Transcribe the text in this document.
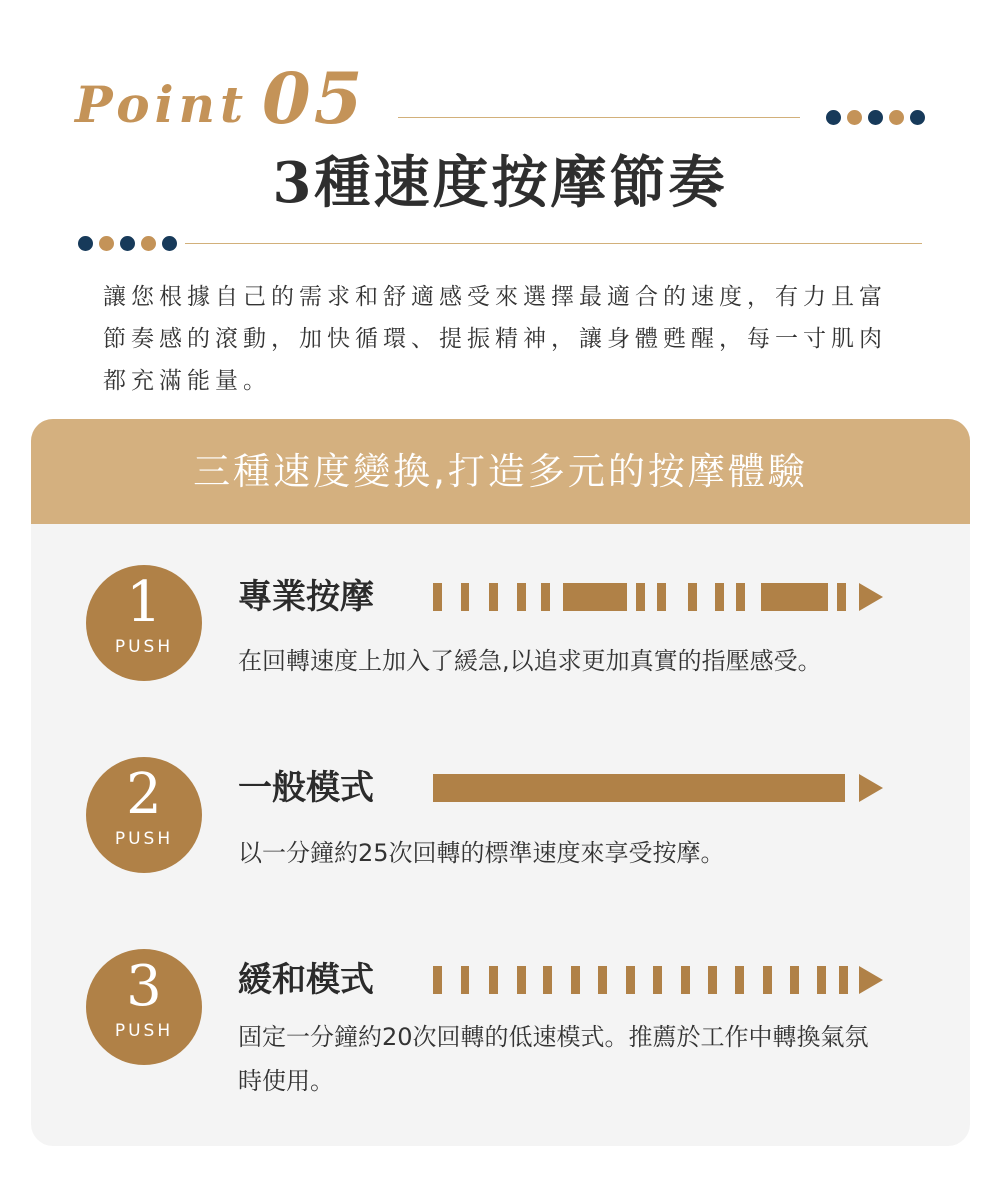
Point 05
3種速度按摩節奏
讓您根據自己的需求和舒適感受來選擇最適合的速度，有力且富節奏感的滾動，加快循環、提振精神，讓身體甦醒，每一寸肌肉都充滿能量。
三種速度變換,打造多元的按摩體驗
1
PUSH
專業按摩
在回轉速度上加入了緩急,以追求更加真實的指壓感受。
2
PUSH
一般模式
以一分鐘約25次回轉的標準速度來享受按摩。
3
PUSH
緩和模式
固定一分鐘約20次回轉的低速模式。推薦於工作中轉換氣氛時使用。
